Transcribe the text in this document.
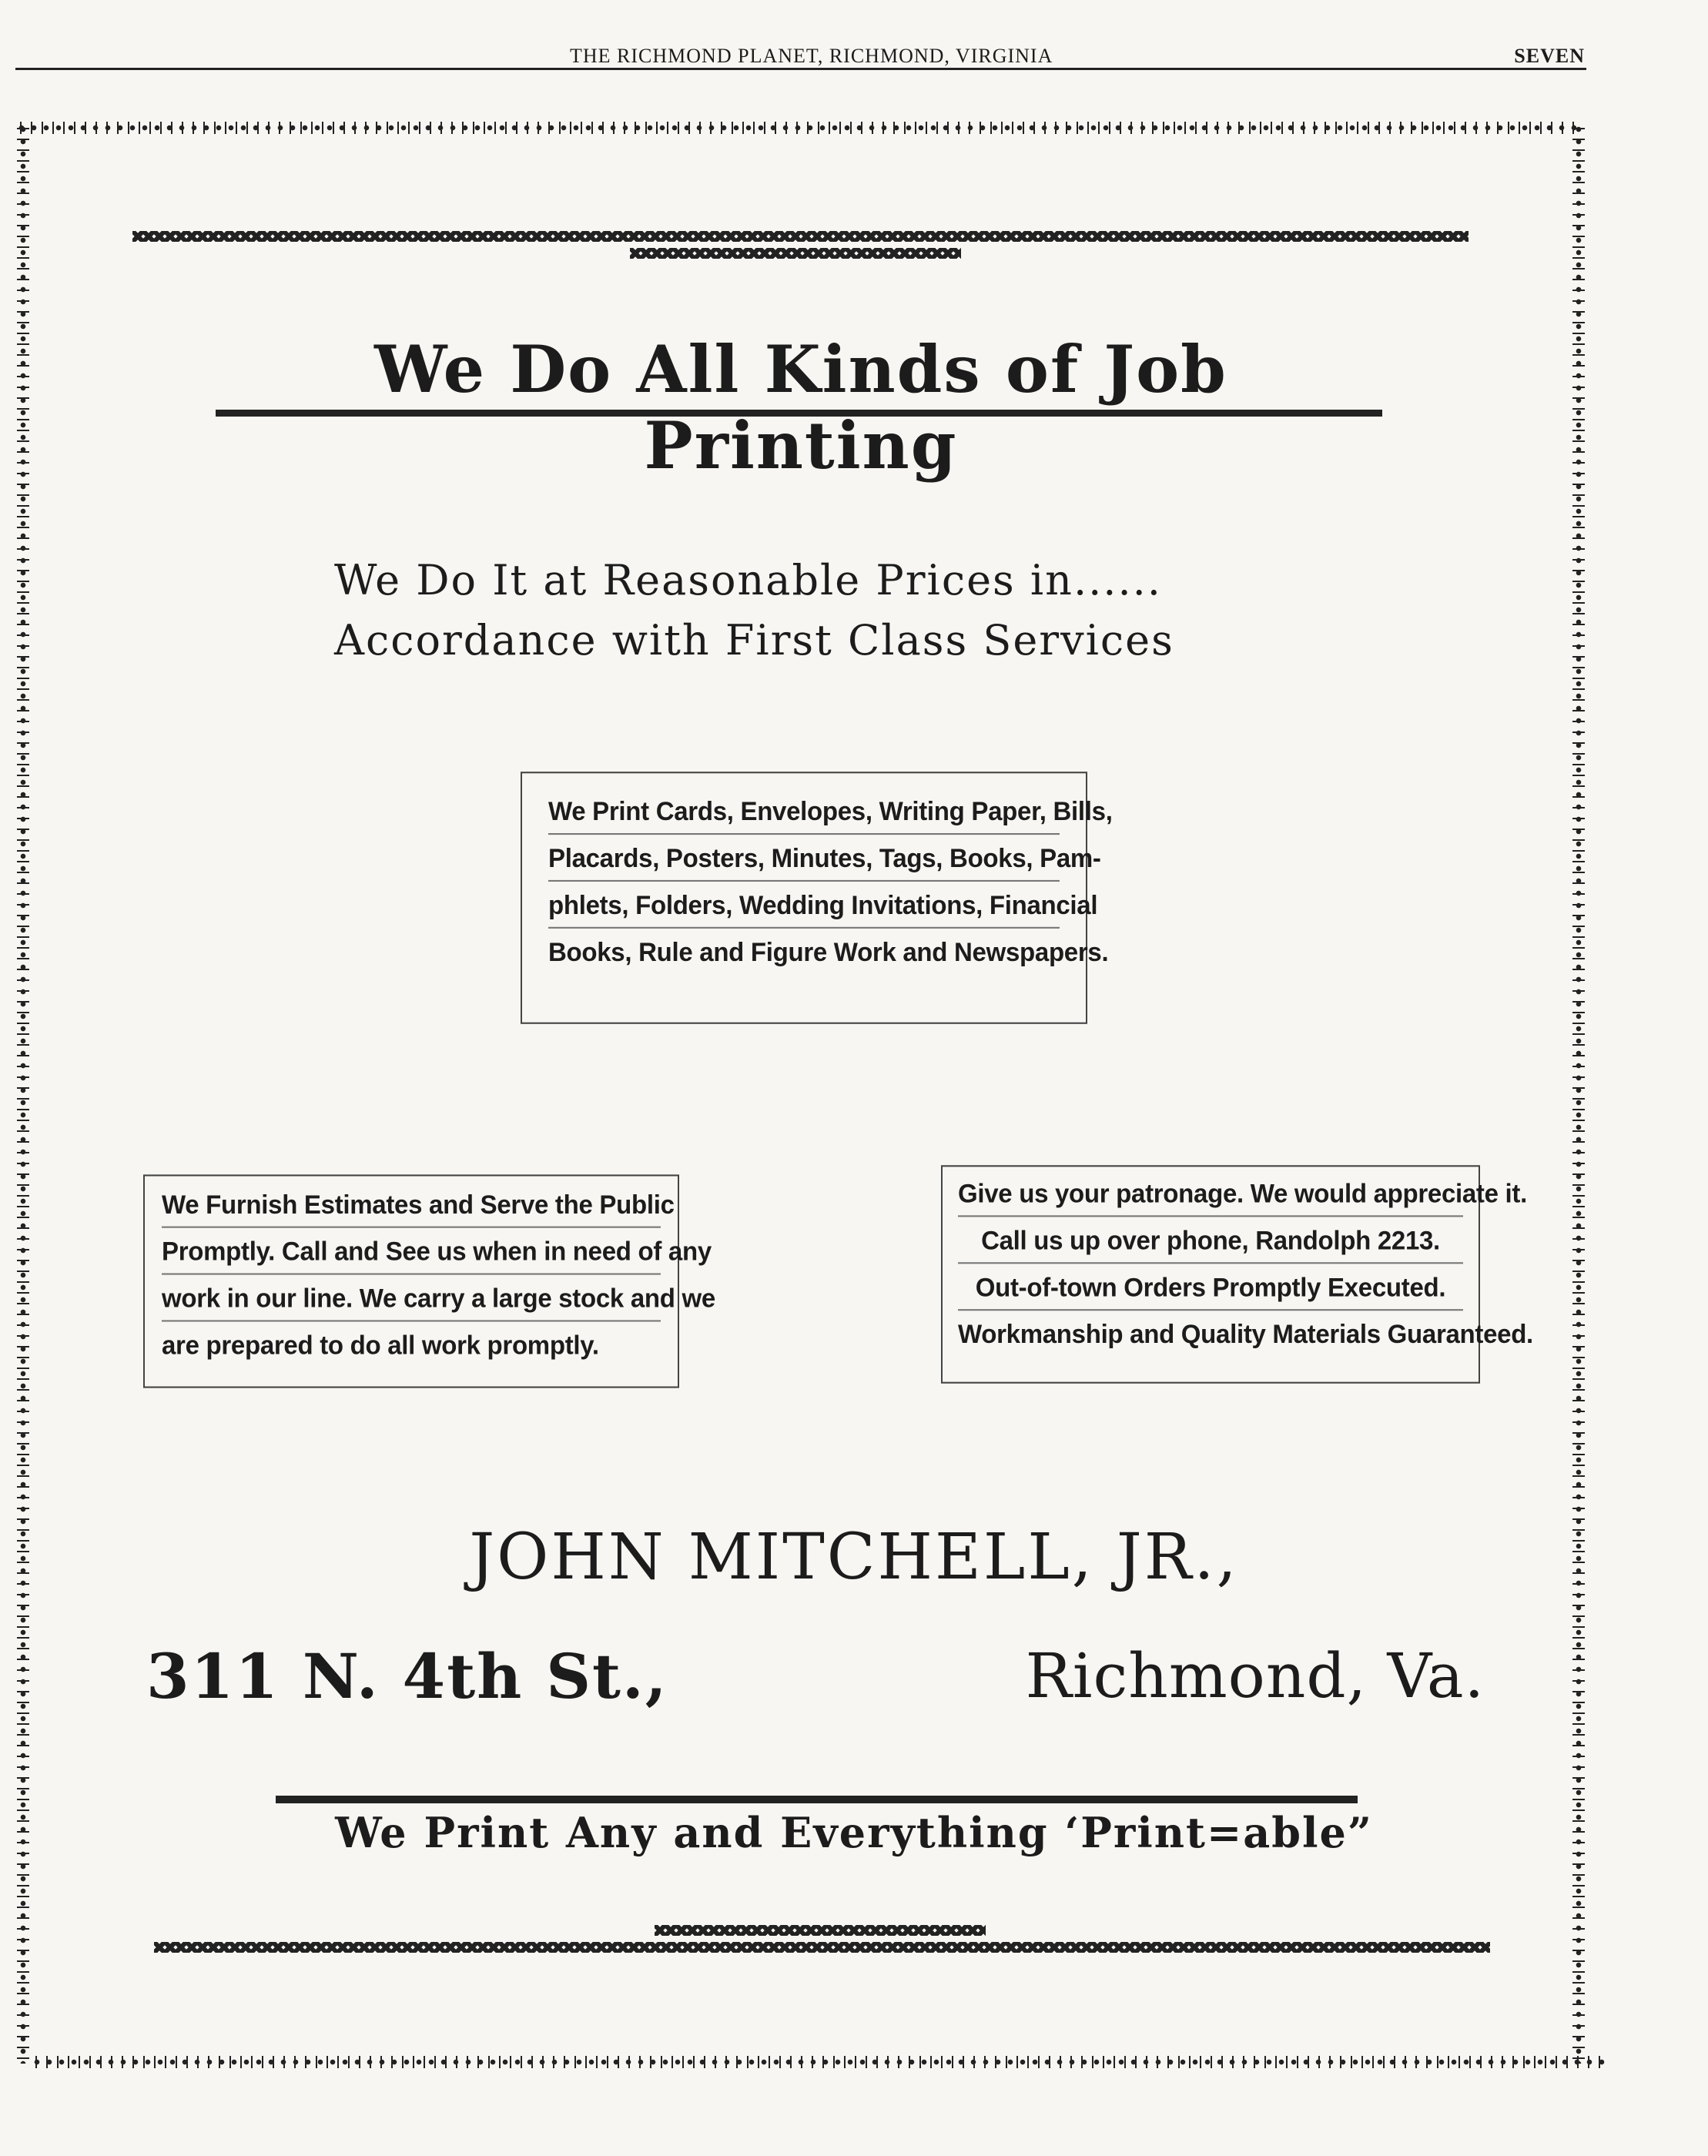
THE RICHMOND PLANET, RICHMOND, VIRGINIA	SEVEN
We Do All Kinds of Job Printing
We Do It at Reasonable Prices in......
Accordance with First Class Services
We Print Cards, Envelopes, Writing Paper, Bills,
Placards, Posters, Minutes, Tags, Books, Pam-
phlets, Folders, Wedding Invitations, Financial
Books, Rule and Figure Work and Newspapers.
We Furnish Estimates and Serve the Public
Promptly. Call and See us when in need of any
work in our line. We carry a large stock and we
are prepared to do all work promptly.
Give us your patronage. We would appreciate it.
Call us up over phone, Randolph 2213.
Out-of-town Orders Promptly Executed.
Workmanship and Quality Materials Guaranteed.
JOHN MITCHELL, JR.,
311 N. 4th St.,	Richmond, Va.
We Print Any and Everything ‘Print=able”
